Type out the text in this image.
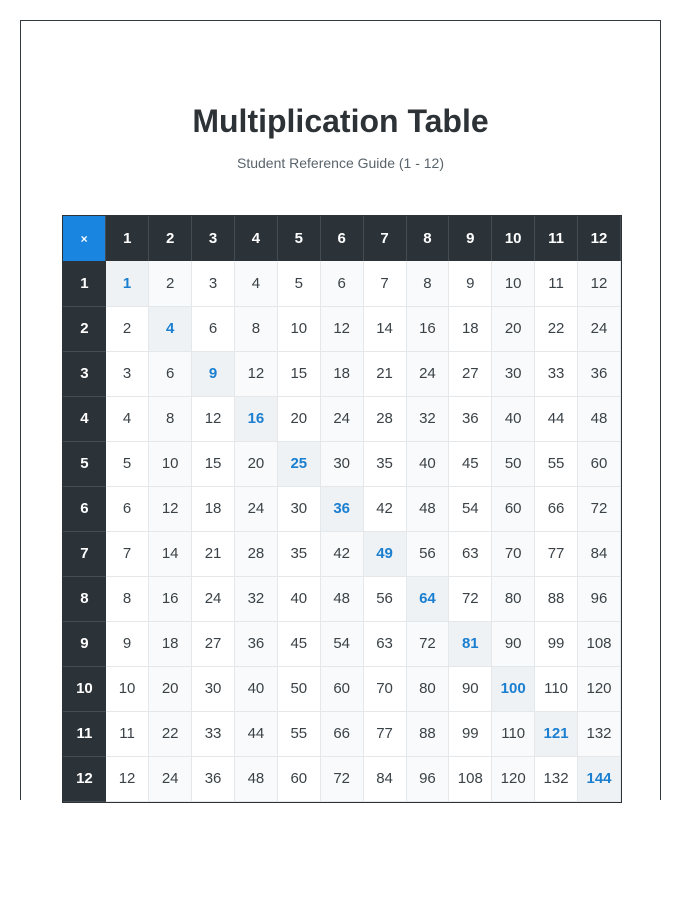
Multiplication Table

Student Reference Guide (1 - 12)

×	1	2	3	4	5	6	7	8	9	10	11	12
1	1	2	3	4	5	6	7	8	9	10	11	12
2	2	4	6	8	10	12	14	16	18	20	22	24
3	3	6	9	12	15	18	21	24	27	30	33	36
4	4	8	12	16	20	24	28	32	36	40	44	48
5	5	10	15	20	25	30	35	40	45	50	55	60
6	6	12	18	24	30	36	42	48	54	60	66	72
7	7	14	21	28	35	42	49	56	63	70	77	84
8	8	16	24	32	40	48	56	64	72	80	88	96
9	9	18	27	36	45	54	63	72	81	90	99	108
10	10	20	30	40	50	60	70	80	90	100	110	120
11	11	22	33	44	55	66	77	88	99	110	121	132
12	12	24	36	48	60	72	84	96	108	120	132	144
